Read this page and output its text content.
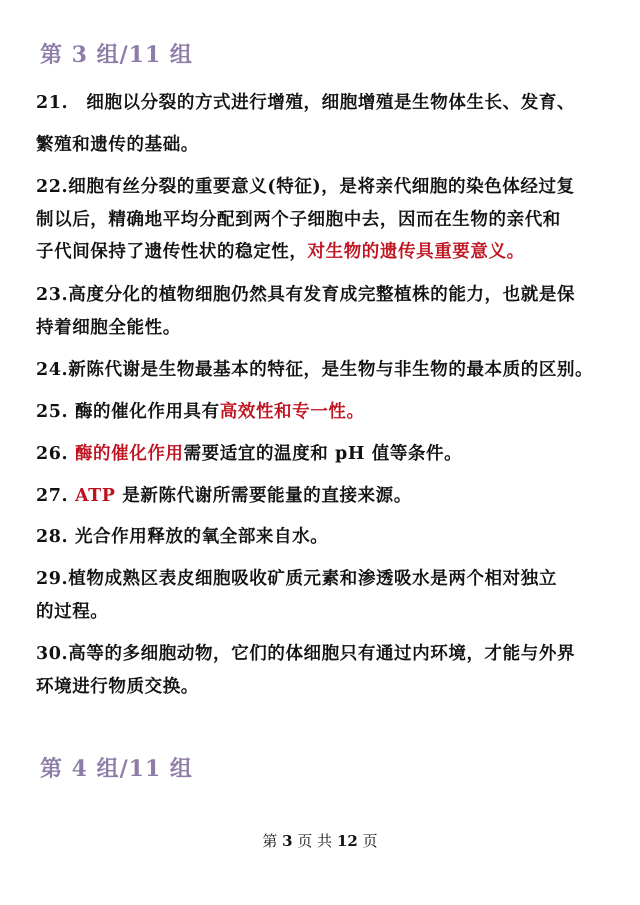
第 3 组/11 组
21.　细胞以分裂的方式进行增殖，细胞增殖是生物体生长、发育、
繁殖和遗传的基础。
22.细胞有丝分裂的重要意义(特征)，是将亲代细胞的染色体经过复
制以后，精确地平均分配到两个子细胞中去，因而在生物的亲代和
子代间保持了遗传性状的稳定性，对生物的遗传具重要意义。
23.高度分化的植物细胞仍然具有发育成完整植株的能力，也就是保
持着细胞全能性。
24.新陈代谢是生物最基本的特征，是生物与非生物的最本质的区别。
25. 酶的催化作用具有高效性和专一性。
26. 酶的催化作用需要适宜的温度和 pH 值等条件。
27. ATP 是新陈代谢所需要能量的直接来源。
28. 光合作用释放的氧全部来自水。
29.植物成熟区表皮细胞吸收矿质元素和渗透吸水是两个相对独立
的过程。
30.高等的多细胞动物，它们的体细胞只有通过内环境，才能与外界
环境进行物质交换。
第 4 组/11 组
第 3 页 共 12 页
